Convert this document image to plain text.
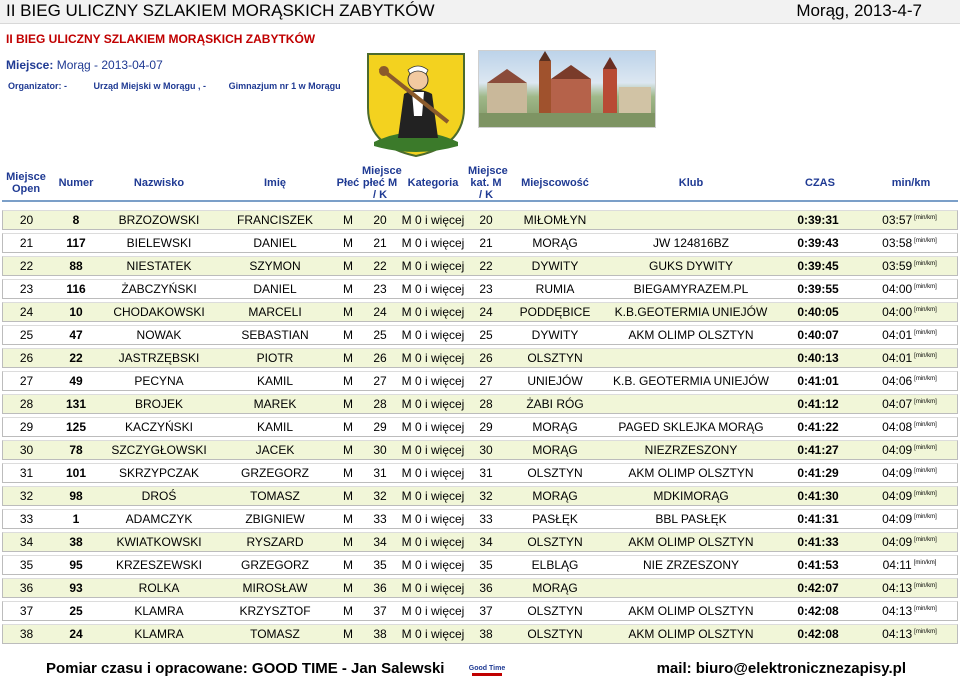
II BIEG ULICZNY SZLAKIEM MORĄSKICH ZABYTKÓW	Morąg, 2013-4-7
II BIEG ULICZNY SZLAKIEM MORĄSKICH ZABYTKÓW
Miejsce: Morąg - 2013-04-07
Organizator: -	Urząd Miejski w Morągu , -	Gimnazjum nr 1 w Morągu
Miejsce Open	Numer	Nazwisko	Imię	Płeć	Miejsce płeć M / K	Kategoria	Miejsce kat. M / K	Miejscowość	Klub	CZAS	min/km
20	8	BRZOZOWSKI	FRANCISZEK	M	20	M 0 i więcej	20	MIŁOMŁYN		0:39:31	03:57 [min/km]
21	117	BIELEWSKI	DANIEL	M	21	M 0 i więcej	21	MORĄG	JW 124816BZ	0:39:43	03:58 [min/km]
22	88	NIESTATEK	SZYMON	M	22	M 0 i więcej	22	DYWITY	GUKS DYWITY	0:39:45	03:59 [min/km]
23	116	ŻABCZYŃSKI	DANIEL	M	23	M 0 i więcej	23	RUMIA	BIEGAMYRAZEM.PL	0:39:55	04:00 [min/km]
24	10	CHODAKOWSKI	MARCELI	M	24	M 0 i więcej	24	PODDĘBICE	K.B.GEOTERMIA UNIEJÓW	0:40:05	04:00 [min/km]
25	47	NOWAK	SEBASTIAN	M	25	M 0 i więcej	25	DYWITY	AKM OLIMP OLSZTYN	0:40:07	04:01 [min/km]
26	22	JASTRZĘBSKI	PIOTR	M	26	M 0 i więcej	26	OLSZTYN		0:40:13	04:01 [min/km]
27	49	PECYNA	KAMIL	M	27	M 0 i więcej	27	UNIEJÓW	K.B. GEOTERMIA UNIEJÓW	0:41:01	04:06 [min/km]
28	131	BROJEK	MAREK	M	28	M 0 i więcej	28	ŻABI RÓG		0:41:12	04:07 [min/km]
29	125	KACZYŃSKI	KAMIL	M	29	M 0 i więcej	29	MORĄG	PAGED SKLEJKA MORĄG	0:41:22	04:08 [min/km]
30	78	SZCZYGŁOWSKI	JACEK	M	30	M 0 i więcej	30	MORĄG	NIEZRZESZONY	0:41:27	04:09 [min/km]
31	101	SKRZYPCZAK	GRZEGORZ	M	31	M 0 i więcej	31	OLSZTYN	AKM OLIMP OLSZTYN	0:41:29	04:09 [min/km]
32	98	DROŚ	TOMASZ	M	32	M 0 i więcej	32	MORĄG	MDKIMORĄG	0:41:30	04:09 [min/km]
33	1	ADAMCZYK	ZBIGNIEW	M	33	M 0 i więcej	33	PASŁĘK	BBL PASŁĘK	0:41:31	04:09 [min/km]
34	38	KWIATKOWSKI	RYSZARD	M	34	M 0 i więcej	34	OLSZTYN	AKM OLIMP OLSZTYN	0:41:33	04:09 [min/km]
35	95	KRZESZEWSKI	GRZEGORZ	M	35	M 0 i więcej	35	ELBLĄG	NIE ZRZESZONY	0:41:53	04:11 [min/km]
36	93	ROLKA	MIROSŁAW	M	36	M 0 i więcej	36	MORĄG		0:42:07	04:13 [min/km]
37	25	KLAMRA	KRZYSZTOF	M	37	M 0 i więcej	37	OLSZTYN	AKM OLIMP OLSZTYN	0:42:08	04:13 [min/km]
38	24	KLAMRA	TOMASZ	M	38	M 0 i więcej	38	OLSZTYN	AKM OLIMP OLSZTYN	0:42:08	04:13 [min/km]
Pomiar czasu i opracowane: GOOD TIME - Jan Salewski	Good Time	mail: biuro@elektronicznezapisy.pl
